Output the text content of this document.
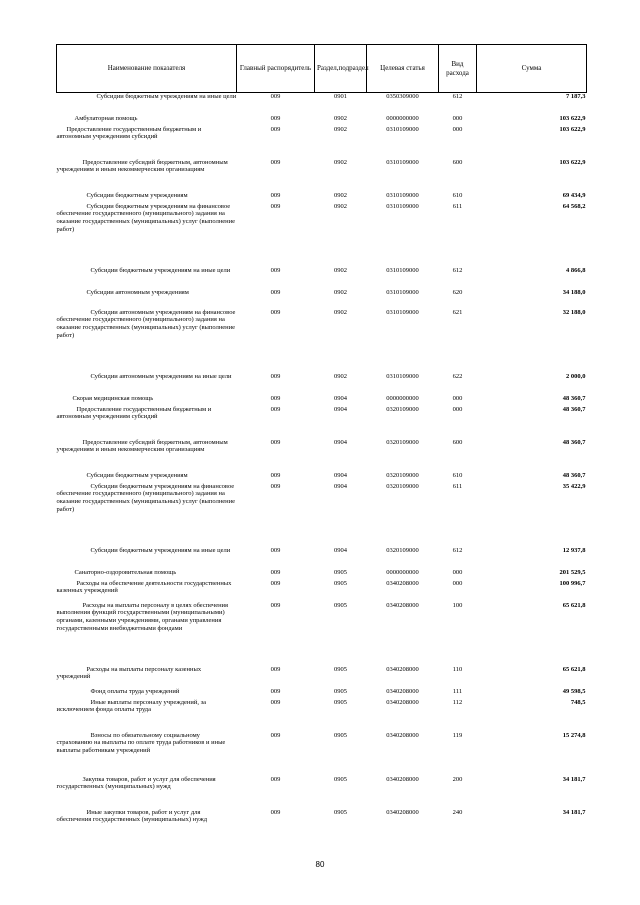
Наименование показателя	Главный распорядитель	Раздел,подраздел	Целевая статья	Вид расхода	Сумма
Субсидии бюджетным учреждениям на иные цели	009	0901	0350309000	612	7 187,3
Амбулаторная помощь	009	0902	0000000000	000	103 622,9
Предоставление государственным бюджетным и автономным учреждениям субсидий	009	0902	0310109000	000	103 622,9
Предоставление субсидий бюджетным, автономным учреждениям и иным некоммерческим организациям	009	0902	0310109000	600	103 622,9
Субсидии бюджетным учреждениям	009	0902	0310109000	610	69 434,9
Субсидии бюджетным учреждениям на финансовое обеспечение государственного (муниципального) задания на оказание государственных (муниципальных) услуг (выполнение работ)	009	0902	0310109000	611	64 568,2
Субсидии бюджетным учреждениям на иные цели	009	0902	0310109000	612	4 866,8
Субсидии автономным учреждениям	009	0902	0310109000	620	34 188,0
Субсидии автономным учреждениям на финансовое обеспечение государственного (муниципального) задания на оказание государственных (муниципальных) услуг (выполнение работ)	009	0902	0310109000	621	32 188,0
Субсидии автономным учреждениям на иные цели	009	0902	0310109000	622	2 000,0
Скорая медицинская помощь	009	0904	0000000000	000	48 360,7
Предоставление государственным бюджетным и автономным учреждениям субсидий	009	0904	0320109000	000	48 360,7
Предоставление субсидий бюджетным, автономным учреждениям и иным некоммерческим организациям	009	0904	0320109000	600	48 360,7
Субсидии бюджетным учреждениям	009	0904	0320109000	610	48 360,7
Субсидии бюджетным учреждениям на финансовое обеспечение государственного (муниципального) задания на оказание государственных (муниципальных) услуг (выполнение работ)	009	0904	0320109000	611	35 422,9
Субсидии бюджетным учреждениям на иные цели	009	0904	0320109000	612	12 937,8
Санаторно-оздоровительная помощь	009	0905	0000000000	000	201 529,5
Расходы на обеспечение деятельности государственных казенных учреждений	009	0905	0340208000	000	100 996,7
Расходы на выплаты персоналу в целях обеспечения выполнения функций государственными (муниципальными) органами, казенными учреждениями, органами управления государственными внебюджетными фондами	009	0905	0340208000	100	65 621,8
Расходы на выплаты персоналу казенных учреждений	009	0905	0340208000	110	65 621,8
Фонд оплаты труда учреждений	009	0905	0340208000	111	49 598,5
Иные выплаты персоналу учреждений, за исключением фонда оплаты труда	009	0905	0340208000	112	748,5
Взносы по обязательному социальному страхованию на выплаты по оплате труда работников и иные выплаты работникам учреждений	009	0905	0340208000	119	15 274,8
Закупка товаров, работ и услуг для обеспечения государственных (муниципальных) нужд	009	0905	0340208000	200	34 181,7
Иные закупки товаров, работ и услуг для обеспечения государственных (муниципальных) нужд	009	0905	0340208000	240	34 181,7
80
